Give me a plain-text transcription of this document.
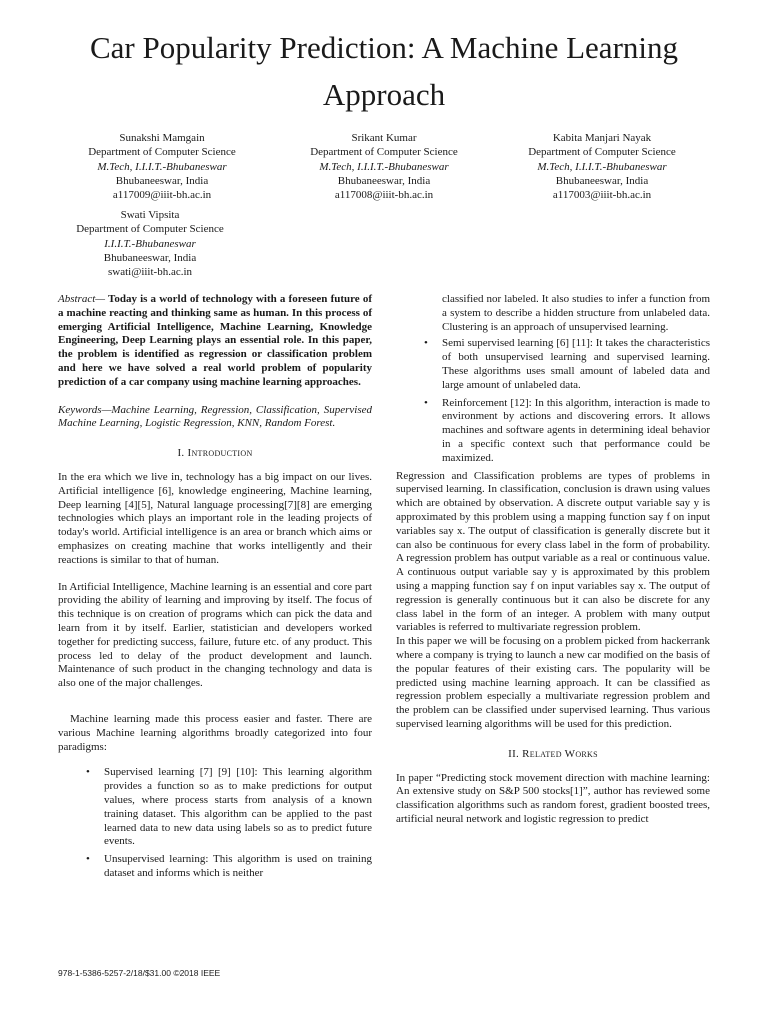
Car Popularity Prediction: A Machine Learning Approach
Sunakshi Mamgain
Department of Computer Science
M.Tech, I.I.I.T.-Bhubaneswar
Bhubaneeswar, India
a117009@iiit-bh.ac.in
Srikant Kumar
Department of Computer Science
M.Tech, I.I.I.T.-Bhubaneswar
Bhubaneeswar, India
a117008@iiit-bh.ac.in
Kabita Manjari Nayak
Department of Computer Science
M.Tech, I.I.I.T.-Bhubaneswar
Bhubaneeswar, India
a117003@iiit-bh.ac.in
Swati Vipsita
Department of Computer Science
I.I.I.T.-Bhubaneswar
Bhubaneeswar, India
swati@iiit-bh.ac.in

Abstract— Today is a world of technology with a foreseen future of a machine reacting and thinking same as human. In this process of emerging Artificial Intelligence, Machine Learning, Knowledge Engineering, Deep Learning plays an essential role. In this paper, the problem is identified as regression or classification problem and here we have solved a real world problem of popularity prediction of a car company using machine learning approaches.

Keywords—Machine Learning, Regression, Classification, Supervised Machine Learning, Logistic Regression, KNN, Random Forest.

I. Introduction

In the era which we live in, technology has a big impact on our lives. Artificial intelligence [6], knowledge engineering, Machine learning, Deep learning [4][5], Natural language processing[7][8] are emerging technologies which plays an important role in the leading projects of today's world. Artificial intelligence is an area or branch which aims or emphasizes on creating machine that works intelligently and their reactions is similar to that of human.

In Artificial Intelligence, Machine learning is an essential and core part providing the ability of learning and improving by itself. The focus of this technique is on creation of programs which can pick the data and learn from it by itself. Earlier, statistician and developers worked together for predicting success, failure, future etc. of any product. This process led to delay of the product development and launch. Maintenance of such product in the changing technology and data is also one of the major challenges.

Machine learning made this process easier and faster. There are various Machine learning algorithms broadly categorized into four paradigms:

• Supervised learning [7] [9] [10]: This learning algorithm provides a function so as to make predictions for output values, where process starts from analysis of a known training dataset. This algorithm can be applied to the past learned data to new data using labels so as to predict future events.
• Unsupervised learning: This algorithm is used on training dataset and informs which is neither

classified nor labeled. It also studies to infer a function from a system to describe a hidden structure from unlabeled data. Clustering is an approach of unsupervised learning.

• Semi supervised learning [6] [11]: It takes the characteristics of both unsupervised learning and supervised learning. These algorithms uses small amount of labeled data and large amount of unlabeled data.
• Reinforcement [12]: In this algorithm, interaction is made to environment by actions and discovering errors. It allows machines and software agents in determining ideal behavior in a specific context such that performance could be maximized.

Regression and Classification problems are types of problems in supervised learning. In classification, conclusion is drawn using values which are obtained by observation. A discrete output variable say y is approximated by this problem using a mapping function say f on input variables say x. The output of classification is generally discrete but it can also be continuous for every class label in the form of probability. A regression problem has output variable as a real or continuous value. A continuous output variable say y is approximated by this problem using a mapping function say f on input variables say x. The output of regression is generally continuous but it can also be discrete for any class label in the form of an integer. A problem with many output variables is referred to multivariate regression problem.

In this paper we will be focusing on a problem picked from hackerrank where a company is trying to launch a new car modified on the basis of the popular features of their existing cars. The popularity will be predicted using machine learning approach. It can be classified as regression problem especially a multivariate regression problem and the problem can be classified under supervised learning. Thus various supervised learning algorithms will be used for this prediction.

II. Related Works

In paper “Predicting stock movement direction with machine learning: An extensive study on S&P 500 stocks[1]”, author has reviewed some classification algorithms such as random forest, gradient boosted trees, artificial neural network and logistic regression to predict

978-1-5386-5257-2/18/$31.00 ©2018 IEEE
